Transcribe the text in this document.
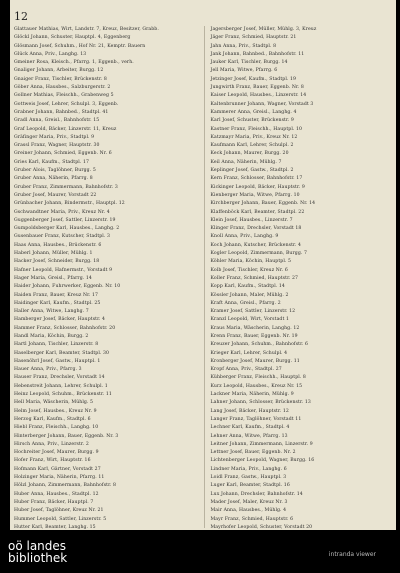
12

Glattauer Mathias, Wirt, Landstr. 7, Kreuz, Besitzer, Grabb.
Glöckl Johann, Schuster, Hauptpl. 4, Eggenberg
Glösmann Josef, Schuhm., Hof Nr. 21, Kemptr. Bauern
Glück Anna, Priv., Langhg. 13
Gmeiner Rosa, Kleisch., Pfarrg. 1, Eggenb., verh.
Gnaliger Johann, Arbeiter, Burgg. 12
Gnaiger Franz, Tischler, Brückenstr. 8
Göber Anna, Hausbes., Salzburgerstr. 2
Gollner Mathias, Fleischh., Grabenweg 5
Gottweis Josef, Lehrer, Schulpl. 3, Eggenb.
Grabner Johann, Bahnbed., Stadtpl. 41
Gradl Anna, Greisl., Bahnhofstr. 15
Graf Leopold, Bäcker, Linzerstr. 11, Kreuz
Gräfinger Maria, Priv., Stadtpl. 9
Grassl Franz, Wagner, Hauptstr. 30
Greiner Johann, Schmied, Eggenb. Nr. 6
Gries Karl, Kaufm., Stadtpl. 17
Gruber Alois, Taglöhner, Burgg. 5
Gruber Anna, Näherin, Pfarrg. 8
Gruber Franz, Zimmermann, Bahnhofstr. 3
Gruber Josef, Maurer, Vorstadt 22
Grünbacher Johann, Bindermstr., Hauptpl. 12
Gschwandtner Maria, Priv., Kreuz Nr. 4
Guggenberger Josef, Sattler, Linzerstr. 19
Gumpoldsberger Karl, Hausbes., Langhg. 2
Gusenbauer Franz, Kutscher, Stadtpl. 3
Haas Anna, Hausbes., Brückenstr. 6
Haberl Johann, Müller, Mühlg. 1
Hacker Josef, Schneider, Burgg. 18
Hafner Leopold, Hafnermstr., Vorstadt 9
Hager Maria, Greisl., Pfarrg. 14
Haider Johann, Fuhrwerker, Eggenb. Nr. 10
Haiden Franz, Bauer, Kreuz Nr. 17
Haidinger Karl, Kaufm., Stadtpl. 25
Haller Anna, Witwe, Langhg. 7
Hamberger Josef, Bäcker, Hauptstr. 4
Hammer Franz, Schlosser, Bahnhofstr. 20
Handl Maria, Köchin, Burgg. 2
Hartl Johann, Tischler, Linzerstr. 8
Haselberger Karl, Beamter, Stadtpl. 30
Hasenöhrl Josef, Gastw., Hauptpl. 1
Hauer Anna, Priv., Pfarrg. 3
Hauser Franz, Drechsler, Vorstadt 14
Hebenstreit Johann, Lehrer, Schulpl. 1
Heinz Leopold, Schuhm., Brückenstr. 11
Hell Maria, Wäscherin, Mühlg. 5
Helm Josef, Hausbes., Kreuz Nr. 9
Herzog Karl, Kaufm., Stadtpl. 6
Hiebl Franz, Fleischh., Langhg. 10
Hinterberger Johann, Bauer, Eggenb. Nr. 3
Hirsch Anna, Priv., Linzerstr. 2
Hochreiter Josef, Maurer, Burgg. 9
Hofer Franz, Wirt, Hauptstr. 16
Hofmann Karl, Gärtner, Vorstadt 27
Holzinger Maria, Näherin, Pfarrg. 11
Hölzl Johann, Zimmermann, Bahnhofstr. 8
Huber Anna, Hausbes., Stadtpl. 12
Huber Franz, Bäcker, Hauptpl. 7
Huber Josef, Taglöhner, Kreuz Nr. 21
Hummer Leopold, Sattler, Linzerstr. 5
Hutter Karl, Beamter, Langhg. 15
Jagersberger Josef, Müller, Mühlg. 3, Kreuz
Jäger Franz, Schmied, Hauptstr. 21
Jahn Anna, Priv., Stadtpl. 8
Jank Johann, Bahnbed., Bahnhofstr. 11
Jauker Karl, Tischler, Burgg. 14
Jell Maria, Witwe, Pfarrg. 6
Jetzinger Josef, Kaufm., Stadtpl. 19
Jungwirth Franz, Bauer, Eggenb. Nr. 8
Kaiser Leopold, Hausbes., Linzerstr. 14
Kaltenbrunner Johann, Wagner, Vorstadt 3
Kammerer Anna, Greisl., Langhg. 4
Karl Josef, Schuster, Brückenstr. 9
Kastner Franz, Fleischh., Hauptpl. 10
Katzmayr Maria, Priv., Kreuz Nr. 12
Kaufmann Karl, Lehrer, Schulpl. 2
Keck Johann, Maurer, Burgg. 20
Keil Anna, Näherin, Mühlg. 7
Keplinger Josef, Gastw., Stadtpl. 2
Kern Franz, Schlosser, Bahnhofstr. 17
Kickinger Leopold, Bäcker, Hauptstr. 9
Kienberger Maria, Witwe, Pfarrg. 10
Kirchberger Johann, Bauer, Eggenb. Nr. 14
Klaffenböck Karl, Beamter, Stadtpl. 22
Klein Josef, Hausbes., Linzerstr. 7
Klinger Franz, Drechsler, Vorstadt 18
Knoll Anna, Priv., Langhg. 9
Koch Johann, Kutscher, Brückenstr. 4
Kogler Leopold, Zimmermann, Burgg. 7
Köhler Maria, Köchin, Hauptpl. 5
Kolb Josef, Tischler, Kreuz Nr. 6
Koller Franz, Schmied, Hauptstr. 27
Kopp Karl, Kaufm., Stadtpl. 14
Kössler Johann, Maler, Mühlg. 2
Kraft Anna, Greisl., Pfarrg. 2
Kramer Josef, Sattler, Linzerstr. 12
Kranzl Leopold, Wirt, Vorstadt 1
Kraus Maria, Wäscherin, Langhg. 12
Krenn Franz, Bauer, Eggenb. Nr. 19
Kreuzer Johann, Schuhm., Bahnhofstr. 6
Krieger Karl, Lehrer, Schulpl. 4
Kronberger Josef, Maurer, Burgg. 11
Kropf Anna, Priv., Stadtpl. 27
Kühberger Franz, Fleischh., Hauptpl. 8
Kurz Leopold, Hausbes., Kreuz Nr. 15
Lackner Maria, Näherin, Mühlg. 9
Lahner Johann, Schlosser, Brückenstr. 13
Lang Josef, Bäcker, Hauptstr. 12
Langer Franz, Taglöhner, Vorstadt 11
Lechner Karl, Kaufm., Stadtpl. 4
Lehner Anna, Witwe, Pfarrg. 13
Leitner Johann, Zimmermann, Linzerstr. 9
Lettner Josef, Bauer, Eggenb. Nr. 2
Lichtenberger Leopold, Wagner, Burgg. 16
Lindner Maria, Priv., Langhg. 6
Loidl Franz, Gastw., Hauptpl. 3
Luger Karl, Beamter, Stadtpl. 16
Lux Johann, Drechsler, Bahnhofstr. 14
Mader Josef, Maler, Kreuz Nr. 3
Mair Anna, Hausbes., Mühlg. 4
Mayr Franz, Schmied, Hauptstr. 6
Mayrhofer Leopold, Schuster, Vorstadt 20
oö landes
bibliothek	intranda viewer
